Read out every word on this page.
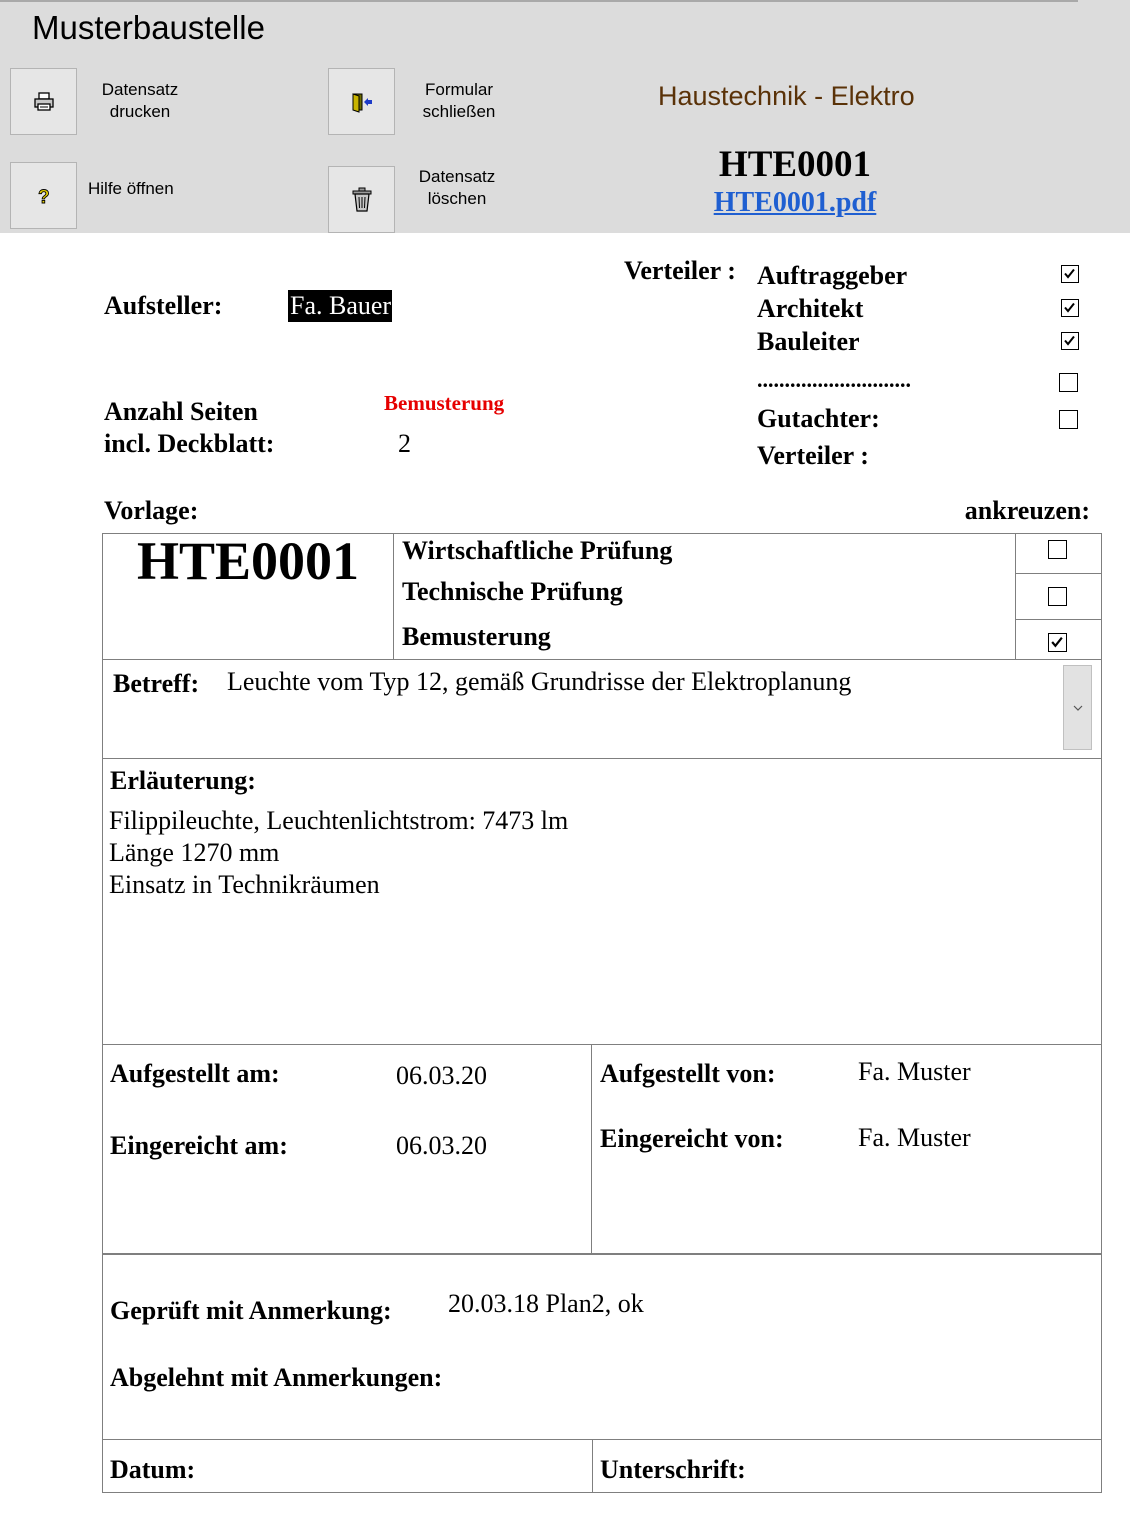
Musterbaustelle
Datensatz
drucken
Formular
schließen
? Hilfe öffnen
Datensatz
löschen
Haustechnik - Elektro
HTE0001
HTE0001.pdf
Aufsteller:	Fa. Bauer
Anzahl Seiten
incl. Deckblatt:
Bemusterung
2
Verteiler : Auftraggeber
Architekt
Bauleiter
............................
Gutachter:
Verteiler :
Vorlage:	ankreuzen:
HTE0001	Wirtschaftliche Prüfung
Technische Prüfung
Bemusterung
Betreff: Leuchte vom Typ 12, gemäß Grundrisse der Elektroplanung
Erläuterung:
Filippileuchte, Leuchtenlichtstrom: 7473 lm
Länge 1270 mm
Einsatz in Technikräumen
Aufgestellt am:	06.03.20
Eingereicht am:	06.03.20
Aufgestellt von:	Fa. Muster
Eingereicht von:	Fa. Muster
Geprüft mit Anmerkung: 20.03.18 Plan2, ok
Abgelehnt mit Anmerkungen:
Datum:	Unterschrift:
